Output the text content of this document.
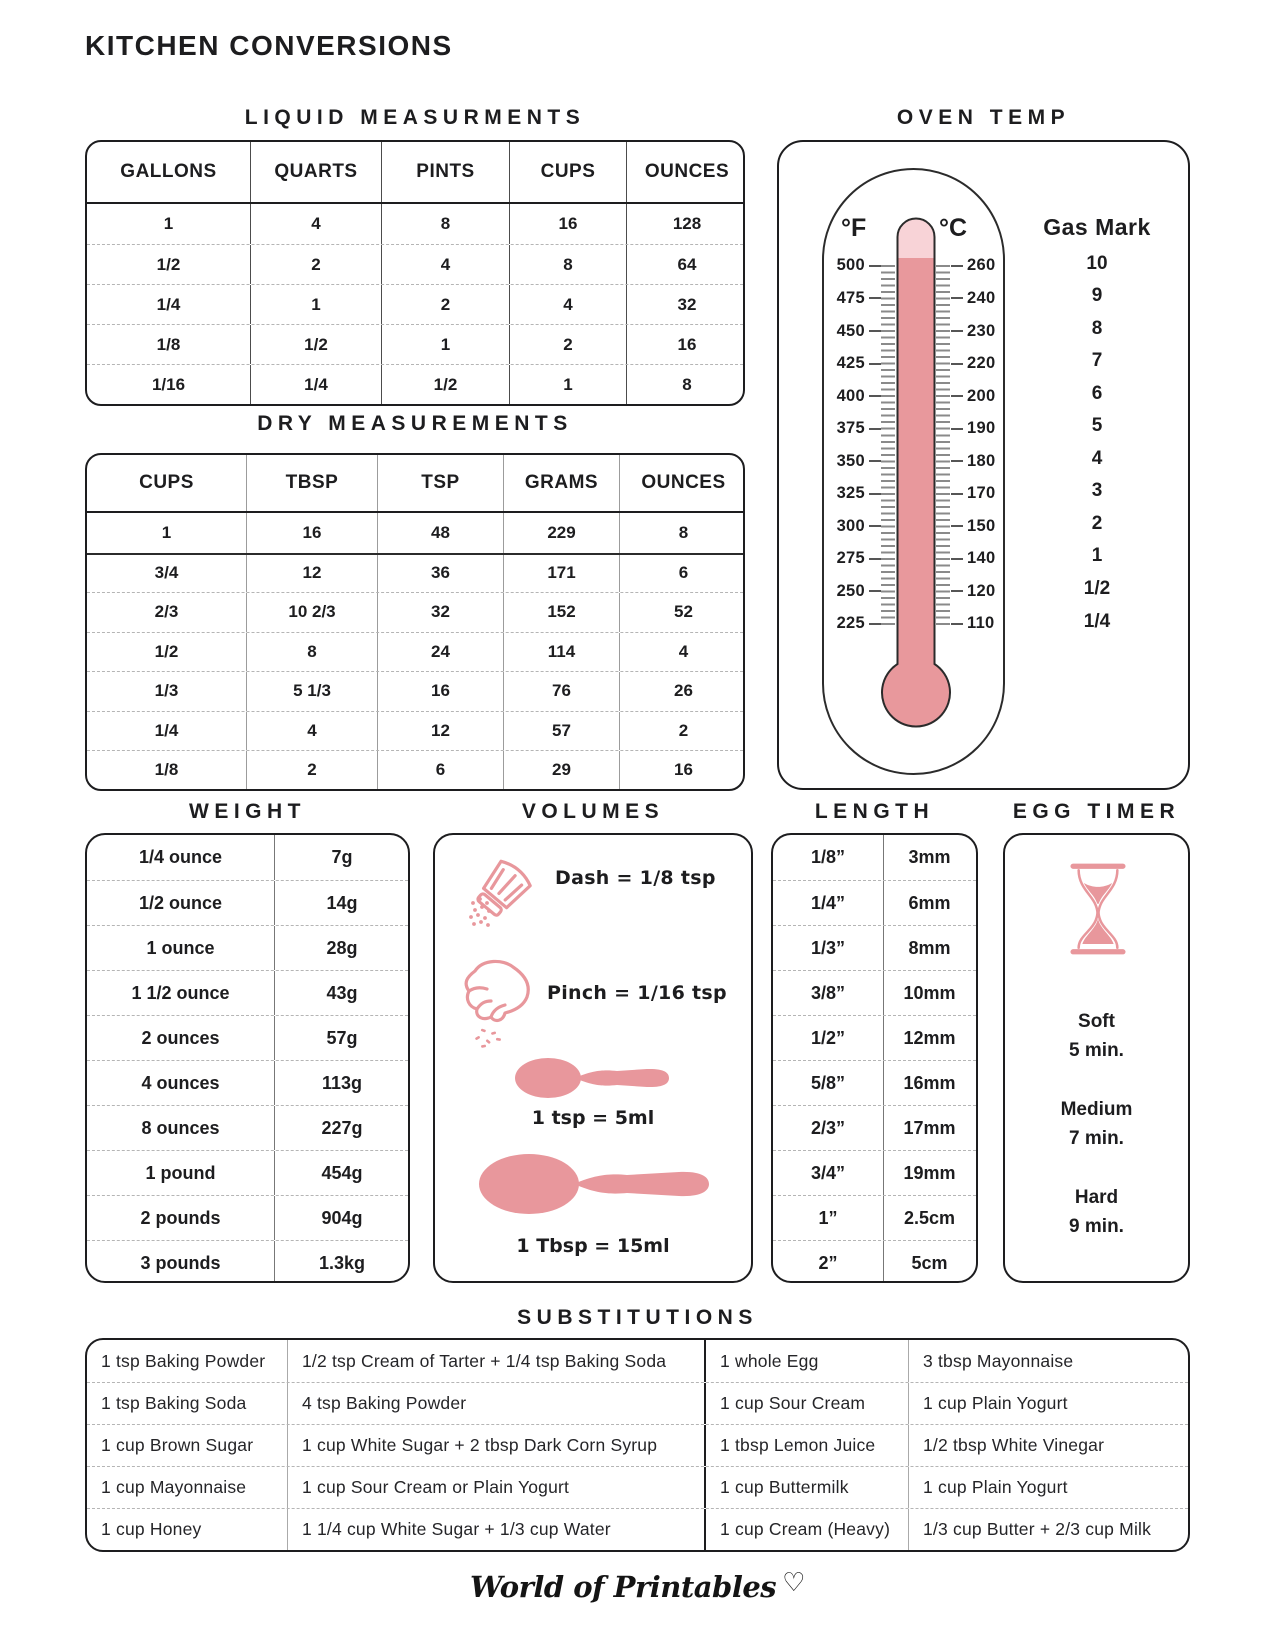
KITCHEN CONVERSIONS
LIQUID MEASURMENTS	OVEN TEMP
DRY MEASUREMENTS
WEIGHT	VOLUMES	LENGTH	EGG TIMER
SUBSTITUTIONS
GALLONS	QUARTS	PINTS	CUPS	OUNCES
1	4	8	16	128
1/2	2	4	8	64
1/4	1	2	4	32
1/8	1/2	1	2	16
1/16	1/4	1/2	1	8
CUPS	TBSP	TSP	GRAMS	OUNCES
1	16	48	229	8
3/4	12	36	171	6
2/3	10 2/3	32	152	52
1/2	8	24	114	4
1/3	5 1/3	16	76	26
1/4	4	12	57	2
1/8	2	6	29	16
°F	°C
500
475
450
425
400
375
350
325
300
275
250
225
260
240
230
220
200
190
180
170
150
140
120
110
Gas Mark
10
9
8
7
6
5
4
3
2
1
1/2
1/4
1/4 ounce	7g
1/2 ounce	14g
1 ounce	28g
1 1/2 ounce	43g
2 ounces	57g
4 ounces	113g
8 ounces	227g
1 pound	454g
2 pounds	904g
3 pounds	1.3kg
Dash = 1/8 tsp
Pinch = 1/16 tsp
1 tsp = 5ml
1 Tbsp = 15ml
1/8”	3mm
1/4”	6mm
1/3”	8mm
3/8”	10mm
1/2”	12mm
5/8”	16mm
2/3”	17mm
3/4”	19mm
1”	2.5cm
2”	5cm
Soft
5 min.
Medium
7 min.
Hard
9 min.
1 tsp Baking Powder	1/2 tsp Cream of Tarter + 1/4 tsp Baking Soda	1 whole Egg	3 tbsp Mayonnaise
1 tsp Baking Soda	4 tsp Baking Powder	1 cup Sour Cream	1 cup Plain Yogurt
1 cup Brown Sugar	1 cup White Sugar + 2 tbsp Dark Corn Syrup	1 tbsp Lemon Juice	1/2 tbsp White Vinegar
1 cup Mayonnaise	1 cup Sour Cream or Plain Yogurt	1 cup Buttermilk	1 cup Plain Yogurt
1 cup Honey	1 1/4 cup White Sugar + 1/3 cup Water	1 cup Cream (Heavy)	1/3 cup Butter + 2/3 cup Milk
World of Printables ♡
